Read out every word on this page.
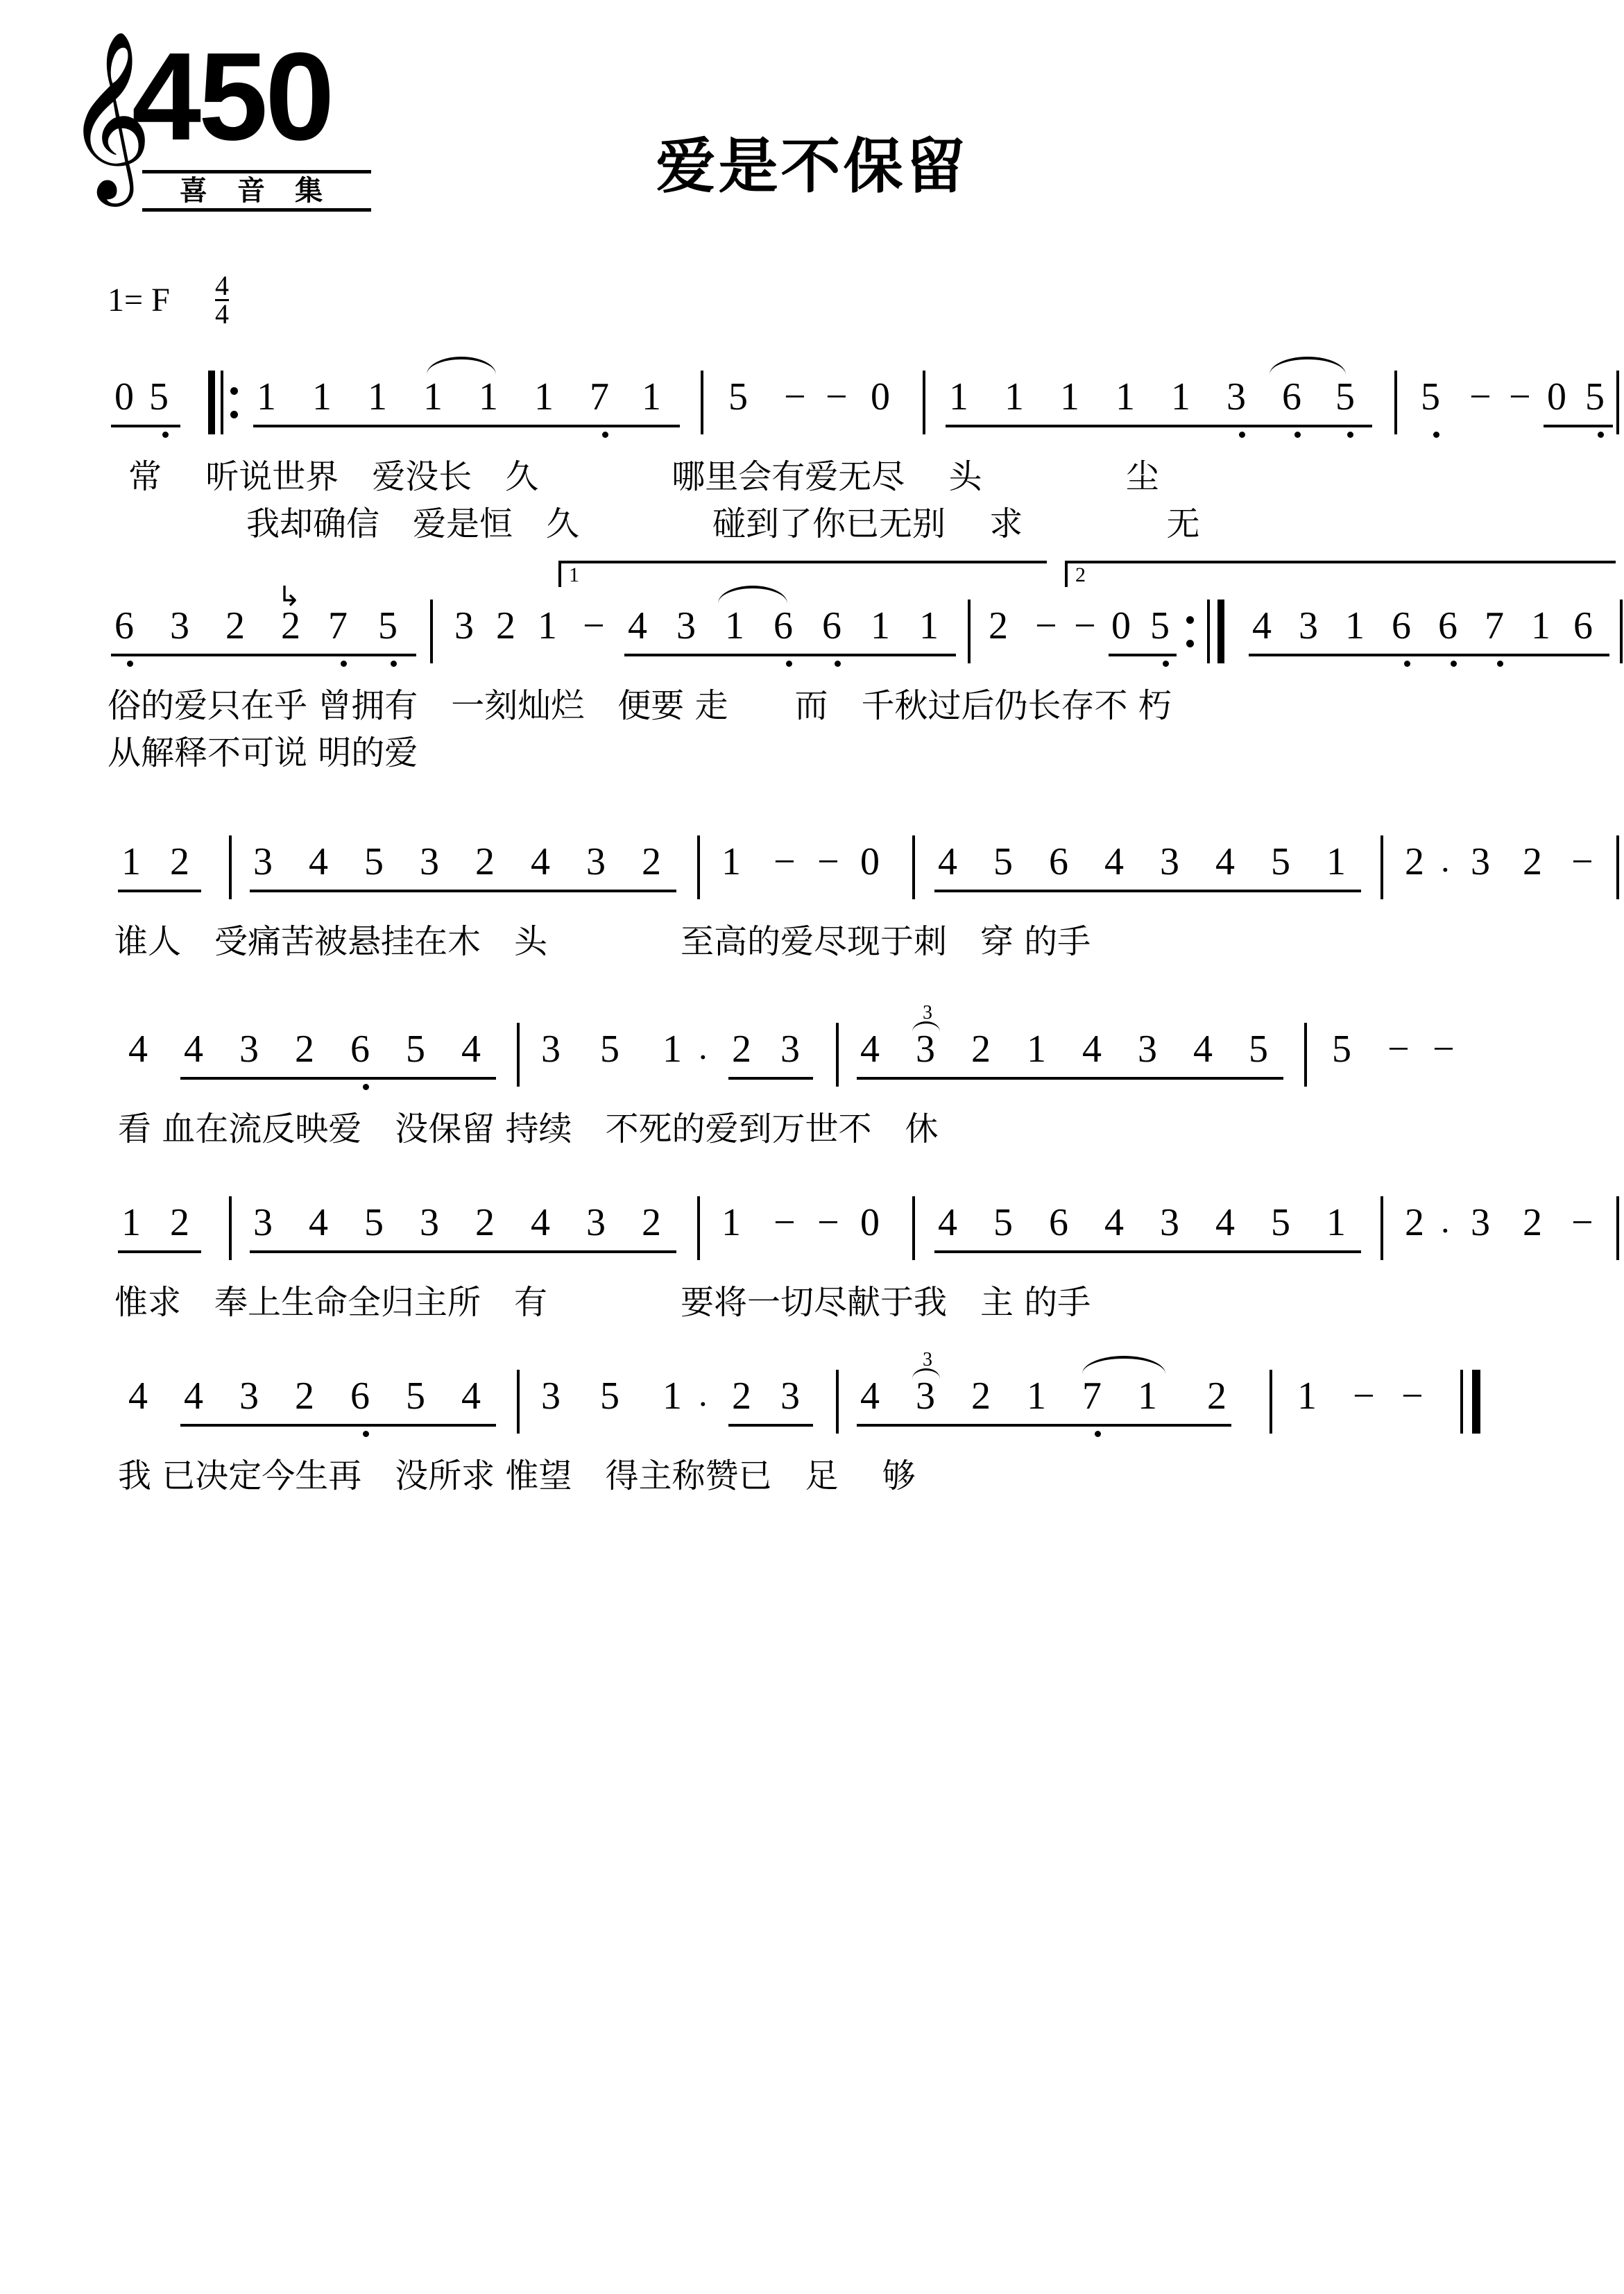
𝄞
450
喜 音 集	爱是不保留
1= F $\frac{4}{4}$
0 5 1 1 1 1 1 1 7 1 5 − − 0 1 1 1 1 1 3 6 5 5 − − 0 5
常　 听说世界　爱没长　久　　　　哪里会有爱无尽　 头　　　　 尘
我却确信　爱是恒　久　　　　碰到了你已无别　 求　　　　 无
1	2
6 3 2 2 7 5
↳
3 2 1 − 4 3 1 6 6 1 1 2 − − 0 5 4 3 1 6 6 7 1 6
俗的爱只在乎 曾拥有　一刻灿烂　便要 走　　而　千秋过后仍长存不 朽
从解释不可说 明的爱
1 2 3 4 5 3 2 4 3 2 1 − − 0 4 5 6 4 3 4 5 1 2 · 3 2 −
谁人　受痛苦被悬挂在木　头　　　　至高的爱尽现于刺　穿 的手
4 4 3 2 6 5 4 3 5 1 · 2 3 4 3 2 1 4 3 4 5
3
5 − −
看 血在流反映爱　没保留 持续　不死的爱到万世不　休
1 2 3 4 5 3 2 4 3 2 1 − − 0 4 5 6 4 3 4 5 1 2 · 3 2 −
惟求　奉上生命全归主所　有　　　　要将一切尽献于我　主 的手
4 4 3 2 6 5 4 3 5 1 · 2 3 4 3 2 1 7 1 2
3
1 − −
我 已决定今生再　没所求 惟望　得主称赞已　足　 够
